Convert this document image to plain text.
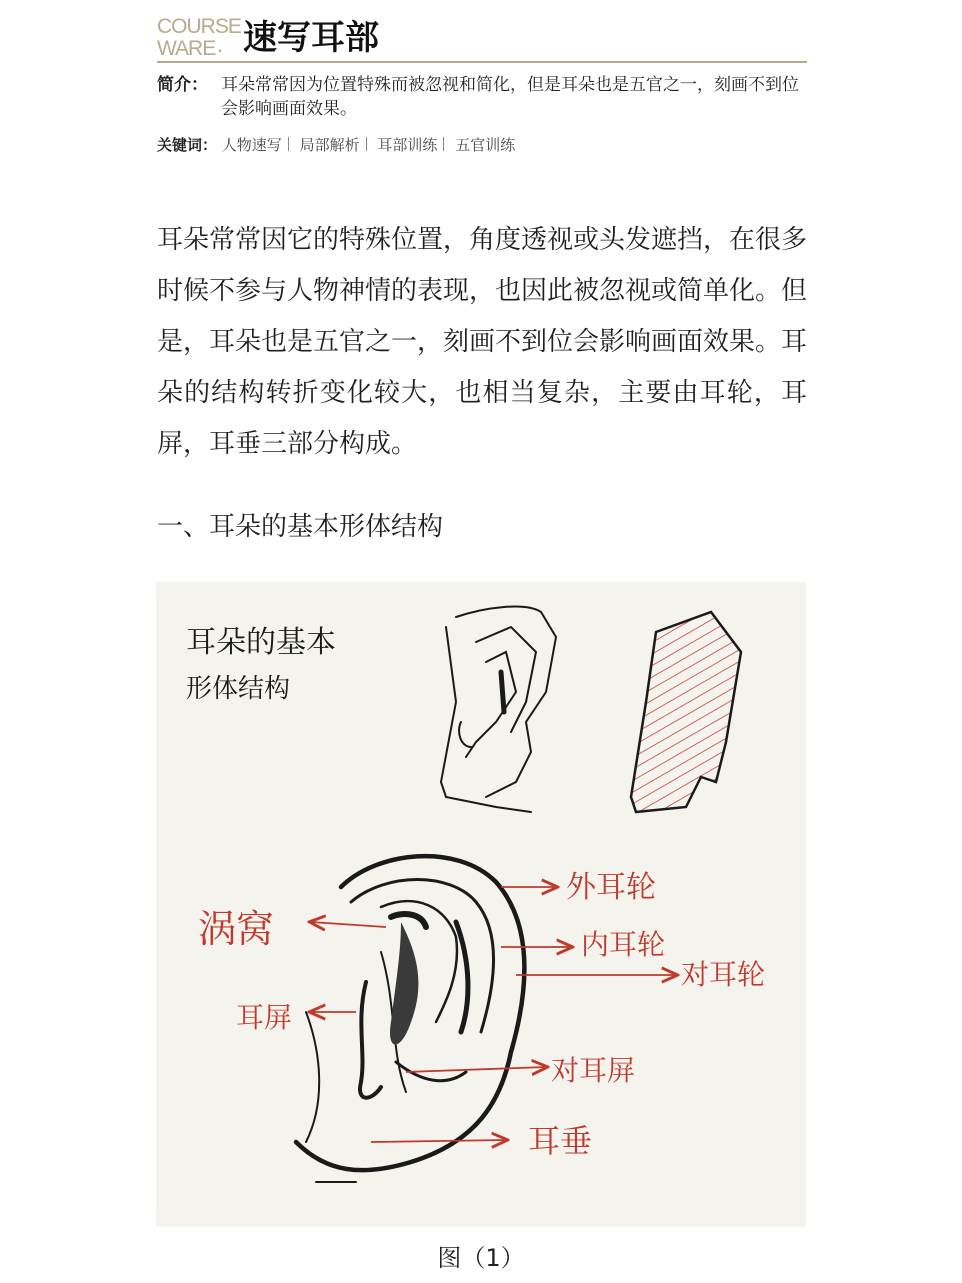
COURSE
WARE . 速写耳部
简介： 耳朵常常因为位置特殊而被忽视和简化，但是耳朵也是五官之一，刻画不到位会影响画面效果。
关键词： 人物速写 局部解析 耳部训练 五官训练
耳朵常常因它的特殊位置，角度透视或头发遮挡，在很多时候不参与人物神情的表现，也因此被忽视或简单化。但是，耳朵也是五官之一，刻画不到位会影响画面效果。耳朵的结构转折变化较大，也相当复杂，主要由耳轮，耳屏，耳垂三部分构成。
一、耳朵的基本形体结构
耳朵的基本
形体结构
外耳轮
内耳轮
对耳轮
涡窝
耳屏
对耳屏
耳垂
图（1）
